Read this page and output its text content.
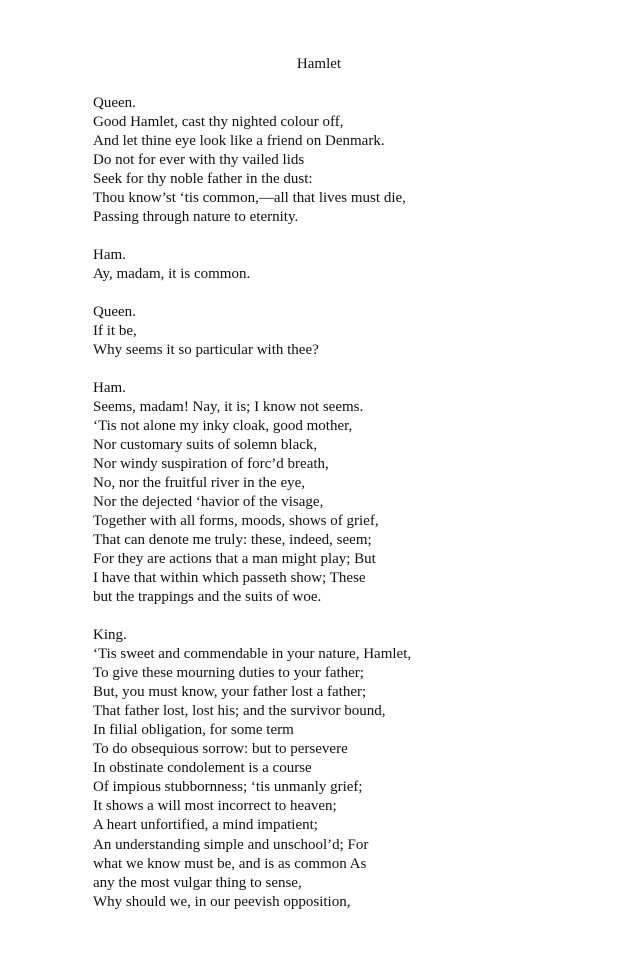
Hamlet
Queen.
Good Hamlet, cast thy nighted colour off,
And let thine eye look like a friend on Denmark.
Do not for ever with thy vailed lids
Seek for thy noble father in the dust:
Thou know’st ‘tis common,—all that lives must die,
Passing through nature to eternity.
Ham.
Ay, madam, it is common.
Queen.
If it be,
Why seems it so particular with thee?
Ham.
Seems, madam! Nay, it is; I know not seems.
‘Tis not alone my inky cloak, good mother,
Nor customary suits of solemn black,
Nor windy suspiration of forc’d breath,
No, nor the fruitful river in the eye,
Nor the dejected ‘havior of the visage,
Together with all forms, moods, shows of grief,
That can denote me truly: these, indeed, seem;
For they are actions that a man might play; But
I have that within which passeth show; These
but the trappings and the suits of woe.
King.
‘Tis sweet and commendable in your nature, Hamlet,
To give these mourning duties to your father;
But, you must know, your father lost a father;
That father lost, lost his; and the survivor bound,
In filial obligation, for some term
To do obsequious sorrow: but to persevere
In obstinate condolement is a course
Of impious stubbornness; ‘tis unmanly grief;
It shows a will most incorrect to heaven;
A heart unfortified, a mind impatient;
An understanding simple and unschool’d; For
what we know must be, and is as common As
any the most vulgar thing to sense,
Why should we, in our peevish opposition,
